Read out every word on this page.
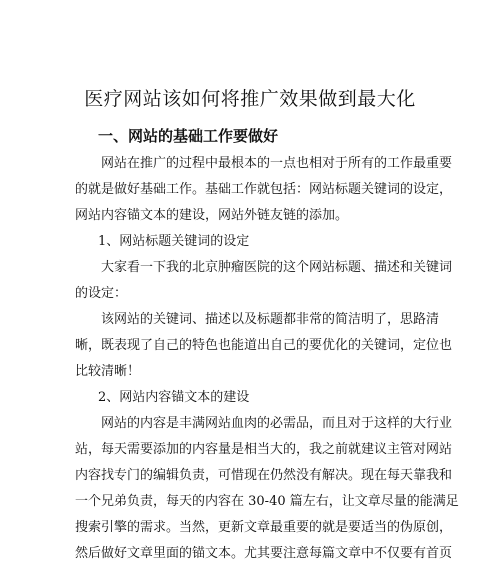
医疗网站该如何将推广效果做到最大化
一、网站的基础工作要做好

网站在推广的过程中最根本的一点也相对于所有的工作最重要
的就是做好基础工作。基础工作就包括：网站标题关键词的设定，
网站内容锚文本的建设，网站外链友链的添加。

1、网站标题关键词的设定

大家看一下我的北京肿瘤医院的这个网站标题、描述和关键词
的设定：

该网站的关键词、描述以及标题都非常的简洁明了，思路清
晰，既表现了自己的特色也能道出自己的要优化的关键词，定位也
比较清晰！

2、网站内容锚文本的建设

网站的内容是丰满网站血肉的必需品，而且对于这样的大行业
站，每天需要添加的内容量是相当大的，我之前就建议主管对网站
内容找专门的编辑负责，可惜现在仍然没有解决。现在每天靠我和
一个兄弟负责，每天的内容在 30-40 篇左右，让文章尽量的能满足
搜索引擎的需求。当然，更新文章最重要的就是要适当的伪原创，
然后做好文章里面的锚文本。尤其要注意每篇文章中不仅要有首页
